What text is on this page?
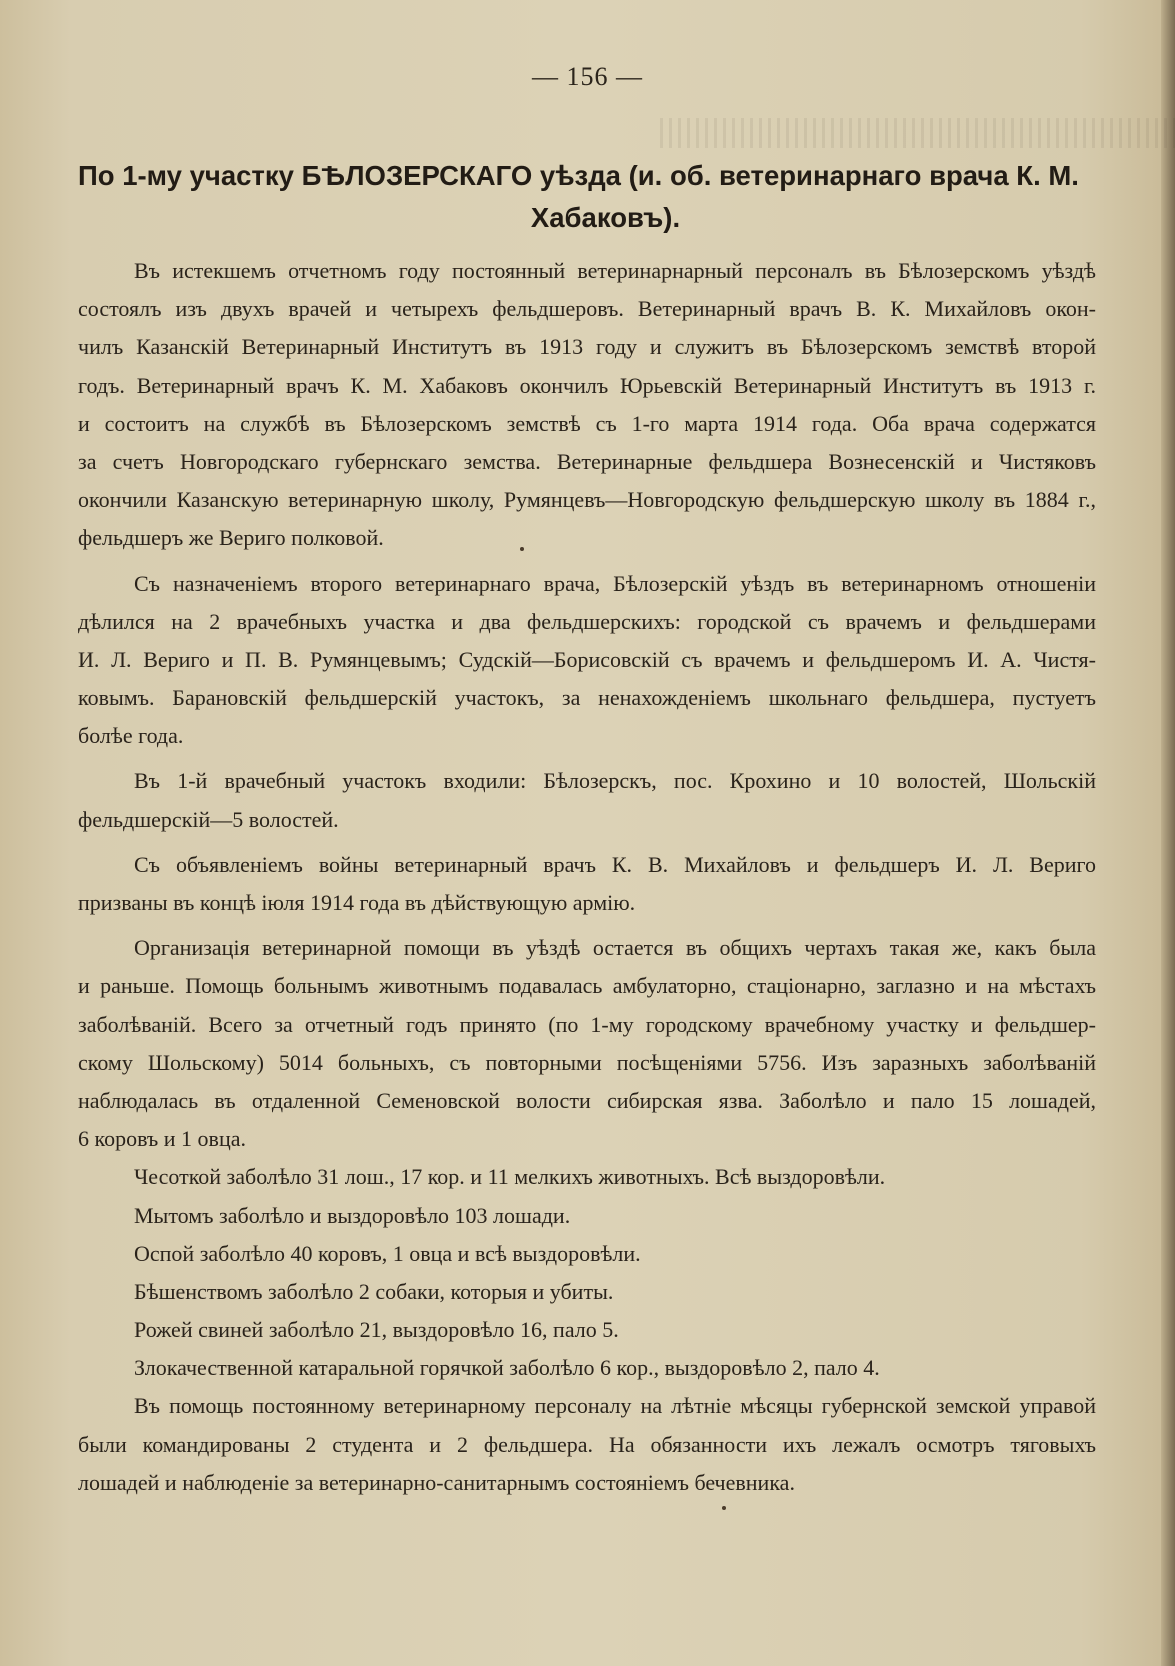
— 156 —
По 1-му участку БѢЛОЗЕРСКАГО уѣзда (и. об. ветеринарнаго врача К. М.
Хабаковъ).
Въ истекшемъ отчетномъ году постоянный ветеринарнарный персоналъ въ Бѣлозерскомъ уѣздѣ
состоялъ изъ двухъ врачей и четырехъ фельдшеровъ. Ветеринарный врачъ В. К. Михайловъ окон-
чилъ Казанскій Ветеринарный Институтъ въ 1913 году и служитъ въ Бѣлозерскомъ земствѣ второй
годъ. Ветеринарный врачъ К. М. Хабаковъ окончилъ Юрьевскій Ветеринарный Институтъ въ 1913 г.
и состоитъ на службѣ въ Бѣлозерскомъ земствѣ съ 1-го марта 1914 года. Оба врача содержатся
за счетъ Новгородскаго губернскаго земства. Ветеринарные фельдшера Вознесенскій и Чистяковъ
окончили Казанскую ветеринарную школу, Румянцевъ—Новгородскую фельдшерскую школу въ 1884 г.,
фельдшеръ же Вериго полковой.
Съ назначеніемъ второго ветеринарнаго врача, Бѣлозерскій уѣздъ въ ветеринарномъ отношеніи
дѣлился на 2 врачебныхъ участка и два фельдшерскихъ: городской съ врачемъ и фельдшерами
И. Л. Вериго и П. В. Румянцевымъ; Судскій—Борисовскій съ врачемъ и фельдшеромъ И. А. Чистя-
ковымъ. Барановскій фельдшерскій участокъ, за ненахожденіемъ школьнаго фельдшера, пустуетъ
болѣе года.
Въ 1-й врачебный участокъ входили: Бѣлозерскъ, пос. Крохино и 10 волостей, Шольскій
фельдшерскій—5 волостей.
Съ объявленіемъ войны ветеринарный врачъ К. В. Михайловъ и фельдшеръ И. Л. Вериго
призваны въ концѣ іюля 1914 года въ дѣйствующую армію.
Организація ветеринарной помощи въ уѣздѣ остается въ общихъ чертахъ такая же, какъ была
и раньше. Помощь больнымъ животнымъ подавалась амбулаторно, стаціонарно, заглазно и на мѣстахъ
заболѣваній. Всего за отчетный годъ принято (по 1-му городскому врачебному участку и фельдшер-
скому Шольскому) 5014 больныхъ, съ повторными посѣщеніями 5756. Изъ заразныхъ заболѣваній
наблюдалась въ отдаленной Семеновской волости сибирская язва. Заболѣло и пало 15 лошадей,
6 коровъ и 1 овца.
Чесоткой заболѣло 31 лош., 17 кор. и 11 мелкихъ животныхъ. Всѣ выздоровѣли.
Мытомъ заболѣло и выздоровѣло 103 лошади.
Оспой заболѣло 40 коровъ, 1 овца и всѣ выздоровѣли.
Бѣшенствомъ заболѣло 2 собаки, которыя и убиты.
Рожей свиней заболѣло 21, выздоровѣло 16, пало 5.
Злокачественной катаральной горячкой заболѣло 6 кор., выздоровѣло 2, пало 4.
Въ помощь постоянному ветеринарному персоналу на лѣтніе мѣсяцы губернской земской управой
были командированы 2 студента и 2 фельдшера. На обязанности ихъ лежалъ осмотръ тяговыхъ
лошадей и наблюденіе за ветеринарно-санитарнымъ состояніемъ бечевника.
